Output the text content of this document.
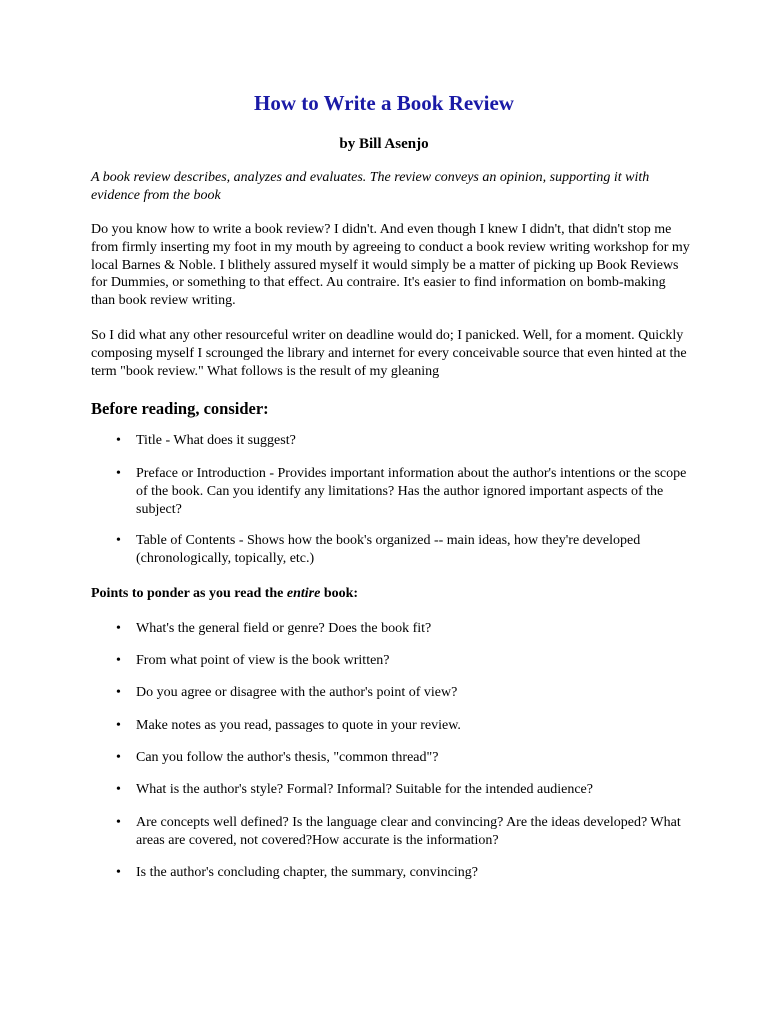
How to Write a Book Review

by Bill Asenjo

A book review describes, analyzes and evaluates. The review conveys an opinion, supporting it with evidence from the book

Do you know how to write a book review? I didn't. And even though I knew I didn't, that didn't stop me from firmly inserting my foot in my mouth by agreeing to conduct a book review writing workshop for my local Barnes & Noble. I blithely assured myself it would simply be a matter of picking up Book Reviews for Dummies, or something to that effect. Au contraire. It's easier to find information on bomb-making than book review writing.

So I did what any other resourceful writer on deadline would do; I panicked. Well, for a moment. Quickly composing myself I scrounged the library and internet for every conceivable source that even hinted at the term "book review." What follows is the result of my gleaning

Before reading, consider:
•	Title - What does it suggest?
•	Preface or Introduction - Provides important information about the author's intentions or the scope of the book. Can you identify any limitations? Has the author ignored important aspects of the subject?
•	Table of Contents - Shows how the book's organized -- main ideas, how they're developed (chronologically, topically, etc.)
Points to ponder as you read the entire book:
•	What's the general field or genre? Does the book fit?
•	From what point of view is the book written?
•	Do you agree or disagree with the author's point of view?
•	Make notes as you read, passages to quote in your review.
•	Can you follow the author's thesis, "common thread"?
•	What is the author's style? Formal? Informal? Suitable for the intended audience?
•	Are concepts well defined? Is the language clear and convincing? Are the ideas developed? What areas are covered, not covered?How accurate is the information?
•	Is the author's concluding chapter, the summary, convincing?
